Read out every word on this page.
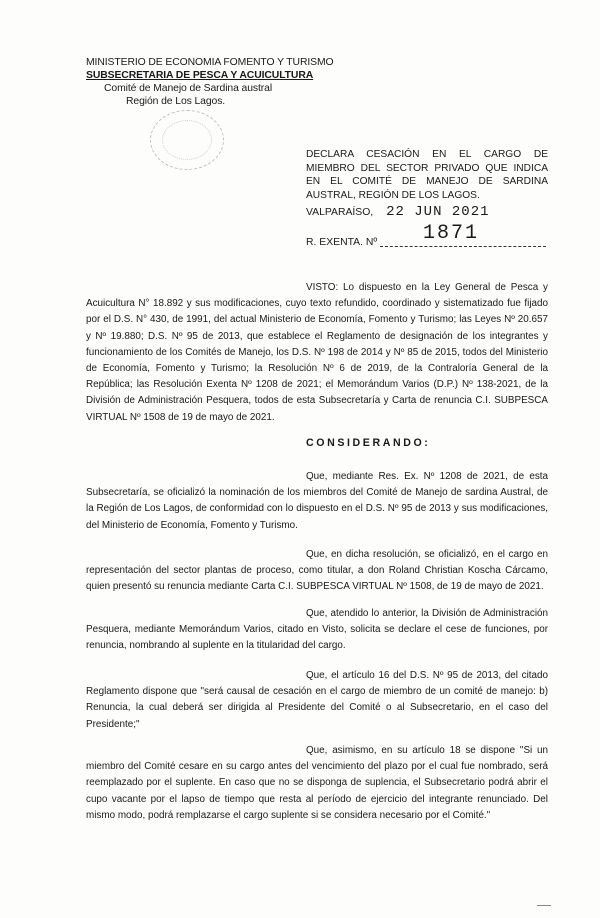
MINISTERIO DE ECONOMIA FOMENTO Y TURISMO
SUBSECRETARIA DE PESCA Y ACUICULTURA
Comité de Manejo de Sardina austral
Región de Los Lagos.
DECLARA CESACIÓN EN EL CARGO DE MIEMBRO DEL SECTOR PRIVADO QUE INDICA EN EL COMITÉ DE MANEJO DE SARDINA AUSTRAL, REGIÓN DE LOS LAGOS.
VALPARAÍSO, 22 JUN 2021
R. EXENTA. Nº 1871
VISTO: Lo dispuesto en la Ley General de Pesca y Acuicultura N° 18.892 y sus modificaciones, cuyo texto refundido, coordinado y sistematizado fue fijado por el D.S. N° 430, de 1991, del actual Ministerio de Economía, Fomento y Turismo; las Leyes Nº 20.657 y Nº 19.880; D.S. Nº 95 de 2013, que establece el Reglamento de designación de los integrantes y funcionamiento de los Comités de Manejo, los D.S. Nº 198 de 2014 y Nº 85 de 2015, todos del Ministerio de Economía, Fomento y Turismo; la Resolución Nº 6 de 2019, de la Contraloría General de la República; las Resolución Exenta Nº 1208 de 2021; el Memorándum Varios (D.P.) Nº 138-2021, de la División de Administración Pesquera, todos de esta Subsecretaría y Carta de renuncia C.I. SUBPESCA VIRTUAL Nº 1508 de 19 de mayo de 2021.
CONSIDERANDO:
Que, mediante Res. Ex. Nº 1208 de 2021, de esta Subsecretaría, se oficializó la nominación de los miembros del Comité de Manejo de sardina Austral, de la Región de Los Lagos, de conformidad con lo dispuesto en el D.S. Nº 95 de 2013 y sus modificaciones, del Ministerio de Economía, Fomento y Turismo.
Que, en dicha resolución, se oficializó, en el cargo en representación del sector plantas de proceso, como titular, a don Roland Christian Koscha Cárcamo, quien presentó su renuncia mediante Carta C.I. SUBPESCA VIRTUAL Nº 1508, de 19 de mayo de 2021.
Que, atendido lo anterior, la División de Administración Pesquera, mediante Memorándum Varios, citado en Visto, solicita se declare el cese de funciones, por renuncia, nombrando al suplente en la titularidad del cargo.
Que, el artículo 16 del D.S. Nº 95 de 2013, del citado Reglamento dispone que "será causal de cesación en el cargo de miembro de un comité de manejo: b) Renuncia, la cual deberá ser dirigida al Presidente del Comité o al Subsecretario, en el caso del Presidente;"
Que, asimismo, en su artículo 18 se dispone "Si un miembro del Comité cesare en su cargo antes del vencimiento del plazo por el cual fue nombrado, será reemplazado por el suplente. En caso que no se disponga de suplencia, el Subsecretario podrá abrir el cupo vacante por el lapso de tiempo que resta al período de ejercicio del integrante renunciado. Del mismo modo, podrá remplazarse el cargo suplente si se considera necesario por el Comité."
